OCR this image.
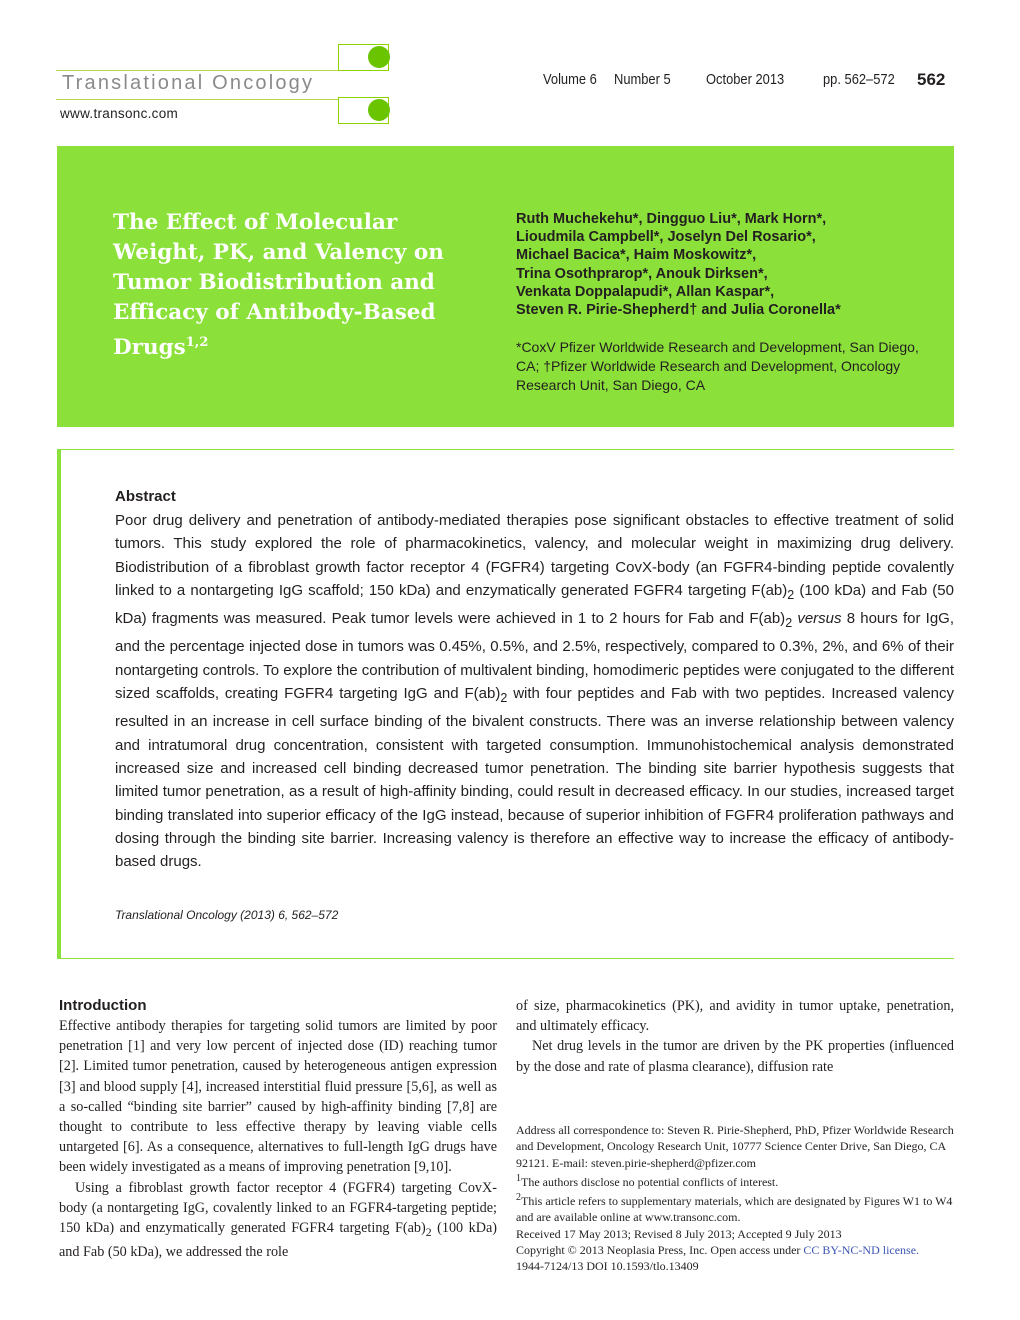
Translational Oncology
www.transonc.com
Volume 6 Number 5 October 2013	pp. 562–572 562
The Effect of Molecular Weight, PK, and Valency on Tumor Biodistribution and Efficacy of Antibody-Based Drugs$^{1,2}$
Ruth Muchekehu*, Dingguo Liu*, Mark Horn*,
Lioudmila Campbell*, Joselyn Del Rosario*,
Michael Bacica*, Haim Moskowitz*,
Trina Osothprarop*, Anouk Dirksen*,
Venkata Doppalapudi*, Allan Kaspar*,
Steven R. Pirie-Shepherd† and Julia Coronella*
*CoxV Pfizer Worldwide Research and Development, San Diego, CA; †Pfizer Worldwide Research and Development, Oncology Research Unit, San Diego, CA
Abstract
Poor drug delivery and penetration of antibody-mediated therapies pose significant obstacles to effective treatment of solid tumors. This study explored the role of pharmacokinetics, valency, and molecular weight in maximizing drug delivery. Biodistribution of a fibroblast growth factor receptor 4 (FGFR4) targeting CovX-body (an FGFR4-binding peptide covalently linked to a nontargeting IgG scaffold; 150 kDa) and enzymatically generated FGFR4 targeting $F(ab)_2$ (100 kDa) and Fab (50 kDa) fragments was measured. Peak tumor levels were achieved in 1 to 2 hours for Fab and $F(ab)_2$ versus 8 hours for IgG, and the percentage injected dose in tumors was 0.45%, 0.5%, and 2.5%, respectively, compared to 0.3%, 2%, and 6% of their nontargeting controls. To explore the contribution of multivalent binding, homodimeric peptides were conjugated to the different sized scaffolds, creating FGFR4 targeting IgG and $F(ab)_2$ with four peptides and Fab with two peptides. Increased valency resulted in an increase in cell surface binding of the bivalent constructs. There was an inverse relationship between valency and intratumoral drug concentration, consistent with targeted consumption. Immunohistochemical analysis demonstrated increased size and increased cell binding decreased tumor penetration. The binding site barrier hypothesis suggests that limited tumor penetration, as a result of high-affinity binding, could result in decreased efficacy. In our studies, increased target binding translated into superior efficacy of the IgG instead, because of superior inhibition of FGFR4 proliferation pathways and dosing through the binding site barrier. Increasing valency is therefore an effective way to increase the efficacy of antibody-based drugs.
Translational Oncology (2013) 6, 562–572
Introduction

Effective antibody therapies for targeting solid tumors are limited by poor penetration [1] and very low percent of injected dose (ID) reaching tumor [2]. Limited tumor penetration, caused by heterogeneous antigen expression [3] and blood supply [4], increased interstitial fluid pressure [5,6], as well as a so-called “binding site barrier” caused by high-affinity binding [7,8] are thought to contribute to less effective therapy by leaving viable cells untargeted [6]. As a consequence, alternatives to full-length IgG drugs have been widely investigated as a means of improving penetration [9,10].

Using a fibroblast growth factor receptor 4 (FGFR4) targeting CovX-body (a nontargeting IgG, covalently linked to an FGFR4-targeting peptide; 150 kDa) and enzymatically generated FGFR4 targeting $F(ab)_2$ (100 kDa) and Fab (50 kDa), we addressed the role

of size, pharmacokinetics (PK), and avidity in tumor uptake, penetration, and ultimately efficacy.

Net drug levels in the tumor are driven by the PK properties (influenced by the dose and rate of plasma clearance), diffusion rate

Address all correspondence to: Steven R. Pirie-Shepherd, PhD, Pfizer Worldwide Research and Development, Oncology Research Unit, 10777 Science Center Drive, San Diego, CA 92121. E-mail: steven.pirie-shepherd@pfizer.com

$^1$The authors disclose no potential conflicts of interest.

$^2$This article refers to supplementary materials, which are designated by Figures W1 to W4 and are available online at www.transonc.com.

Received 17 May 2013; Revised 8 July 2013; Accepted 9 July 2013

Copyright © 2013 Neoplasia Press, Inc. Open access under CC BY-NC-ND license.

1944-7124/13 DOI 10.1593/tlo.13409
